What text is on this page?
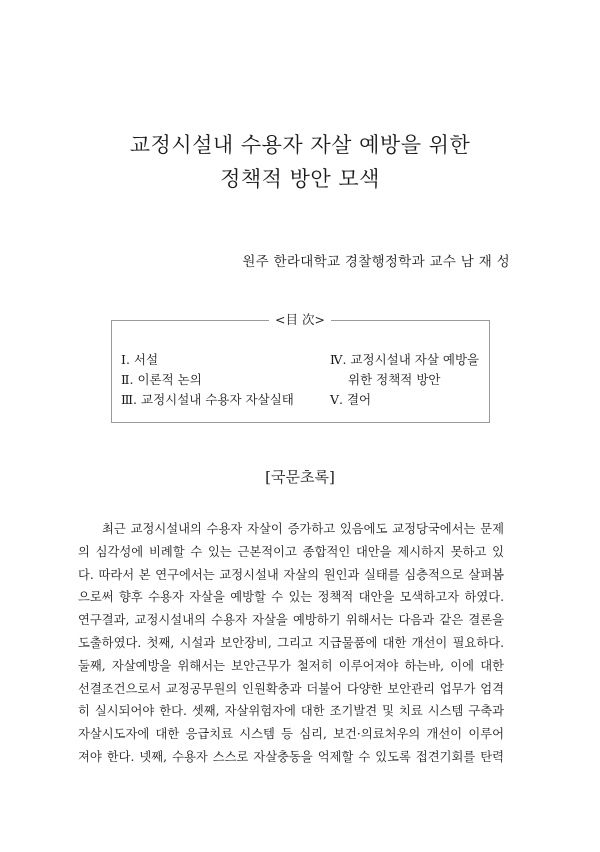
교정시설내 수용자 자살 예방을 위한
정책적 방안 모색
원주 한라대학교 경찰행정학과 교수 남 재 성
<目 次>
Ⅰ. 서설
Ⅱ. 이론적 논의
Ⅲ. 교정시설내 수용자 자살실태
Ⅳ. 교정시설내 자살 예방을
위한 정책적 방안
Ⅴ. 결어
[국문초록]
최근 교정시설내의 수용자 자살이 증가하고 있음에도 교정당국에서는 문제
의 심각성에 비례할 수 있는 근본적이고 종합적인 대안을 제시하지 못하고 있
다. 따라서 본 연구에서는 교정시설내 자살의 원인과 실태를 심층적으로 살펴봄
으로써 향후 수용자 자살을 예방할 수 있는 정책적 대안을 모색하고자 하였다.
연구결과, 교정시설내의 수용자 자살을 예방하기 위해서는 다음과 같은 결론을
도출하였다. 첫째, 시설과 보안장비, 그리고 지급물품에 대한 개선이 필요하다.
둘째, 자살예방을 위해서는 보안근무가 철저히 이루어져야 하는바, 이에 대한
선결조건으로서 교정공무원의 인원확충과 더불어 다양한 보안관리 업무가 엄격
히 실시되어야 한다. 셋째, 자살위험자에 대한 조기발견 및 치료 시스템 구축과
자살시도자에 대한 응급치료 시스템 등 심리, 보건·의료처우의 개선이 이루어
져야 한다. 넷째, 수용자 스스로 자살충동을 억제할 수 있도록 접견기회를 탄력
